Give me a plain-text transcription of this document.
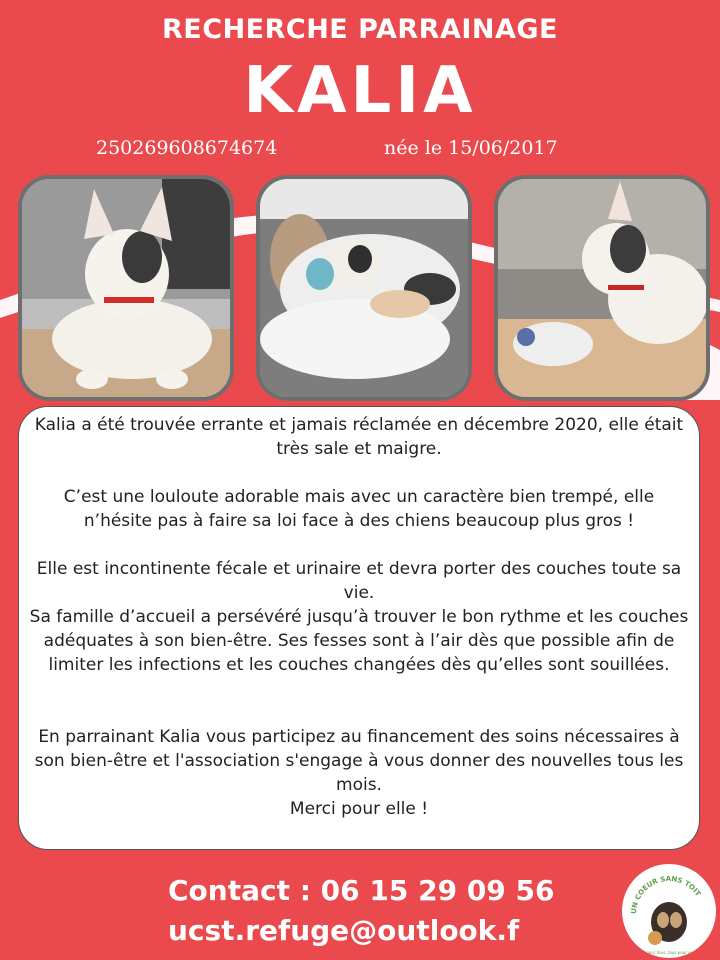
RECHERCHE PARRAINAGE
KALIA
250269608674674	née le 15/06/2017

Kalia a été trouvée errante et jamais réclamée en décembre 2020, elle était très sale et maigre.

C’est une louloute adorable mais avec un caractère bien trempé, elle n’hésite pas à faire sa loi face à des chiens beaucoup plus gros !

Elle est incontinente fécale et urinaire et devra porter des couches toute sa vie.

Sa famille d’accueil a persévéré jusqu’à trouver le bon rythme et les couches adéquates à son bien-être. Ses fesses sont à l’air dès que possible afin de limiter les infections et les couches changées dès qu’elles sont souillées.

En parrainant Kalia vous participez au financement des soins nécessaires à son bien-être et l'association s'engage à vous donner des nouvelles tous les mois.

Merci pour elle !

Contact : 06 15 29 09 56
ucst.refuge@outlook.f
UN COEUR SANS TOIT
Un pour tous, tous pour eux !
